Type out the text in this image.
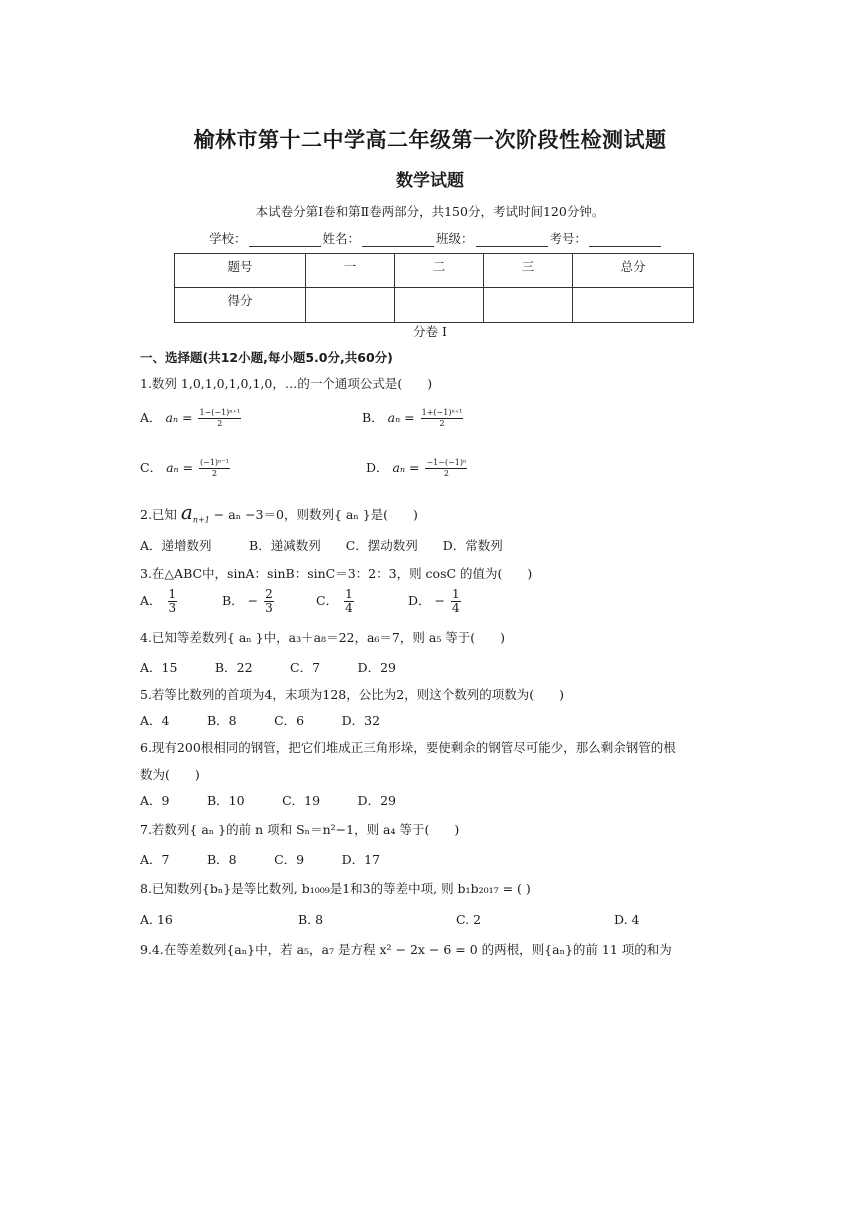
榆林市第十二中学高二年级第一次阶段性检测试题
数学试题
本试卷分第Ⅰ卷和第Ⅱ卷两部分，共150分，考试时间120分钟。
学校：	姓名：	班级：	考号：
题号	一	二	三	总分
得分				
分卷 I
一、选择题(共12小题,每小题5.0分,共60分)
1.数列 1,0,1,0,1,0,1,0，…的一个通项公式是(　　)
A． $a_n = \frac{\text{1−(−1)ⁿ⁺¹}}{2}$	B． $a_n = \frac{\text{1+(−1)ⁿ⁺¹}}{2}$
C． $a_n = \frac{\text{(−1)ⁿ⁻¹}}{2}$	D． $a_n = \frac{\text{−1−(−1)ⁿ}}{2}$
2.已知 $a_{n+1} - a_n -3=0$，则数列{ aₙ }是(　　)
A．递增数列　　　B．递减数列　　C．摆动数列　　D．常数列
3.在△ABC中，sinA：sinB：sinC＝3：2：3，则 cosC 的值为(　　)
A． $\frac{1}{3}$	B． − $\frac{2}{3}$	C． $\frac{1}{4}$	D． − $\frac{1}{4}$
4.已知等差数列{ aₙ }中，a₃＋a₈＝22，a₆＝7，则 a₅ 等于(　　)
A．15　　　B．22　　　C．7　　　D．29
5.若等比数列的首项为4，末项为128，公比为2，则这个数列的项数为(　　)
A．4　　　B．8　　　C．6　　　D．32
6.现有200根相同的钢管，把它们堆成正三角形垛，要使剩余的钢管尽可能少，那么剩余钢管的根
数为(　　)
A．9　　　B．10　　　C．19　　　D．29
7.若数列{ aₙ }的前 n 项和 Sₙ＝n²−1，则 a₄ 等于(　　)
A．7　　　B．8　　　C．9　　　D．17
8.已知数列{bₙ}是等比数列, b₁₀₀₉是1和3的等差中项, 则 b₁b₂₀₁₇ = ( )
A. 16	B. 8	C. 2	D. 4
9.4.在等差数列{aₙ}中，若 a₅，a₇ 是方程 x² − 2x − 6 = 0 的两根，则{aₙ}的前 11 项的和为
